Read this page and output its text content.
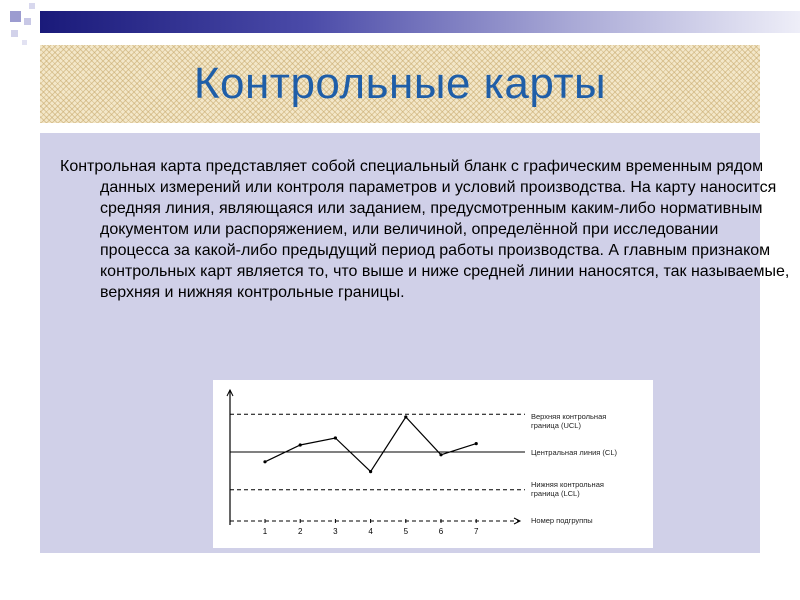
Контрольные карты

Контрольная карта представляет собой специальный бланк с графическим временным рядом данных измерений или контроля параметров и условий производства. На карту наносится средняя линия, являющаяся или заданием, предусмотренным каким-либо нормативным документом или распоряжением, или величиной, определённой при исследовании процесса за какой-либо предыдущий период работы производства. А главным признаком контрольных карт является то, что выше и ниже средней линии наносятся, так называемые, верхняя и нижняя контрольные границы.

1	2	3	4	5	6	7
Верхняя контрольная
граница (UCL)
Центральная линия (CL)
Нижняя контрольная
граница (LCL)
Номер подгруппы
